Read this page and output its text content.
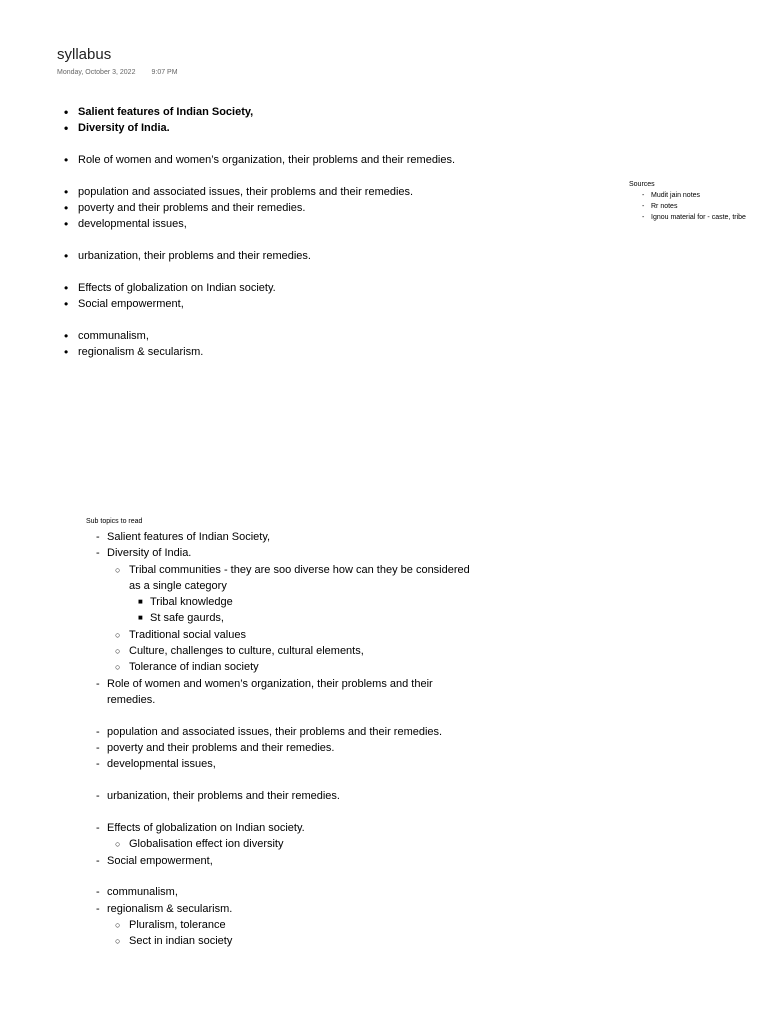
syllabus
Monday, October 3, 2022 9:07 PM
• Salient features of Indian Society,
• Diversity of India.
• Role of women and women’s organization, their problems and their remedies.
• population and associated issues, their problems and their remedies.
• poverty and their problems and their remedies.
• developmental issues,
• urbanization, their problems and their remedies.
• Effects of globalization on Indian society.
• Social empowerment,
• communalism,
• regionalism & secularism.
Sources
- Mudit jain notes
- Rr notes
- Ignou material for - caste, tribe
Sub topics to read
- Salient features of Indian Society,
- Diversity of India.
○ Tribal communities - they are soo diverse how can they be considered as a single category
■ Tribal knowledge
■ St safe gaurds,
○ Traditional social values
○ Culture, challenges to culture, cultural elements,
○ Tolerance of indian society
- Role of women and women’s organization, their problems and their remedies.
- population and associated issues, their problems and their remedies.
- poverty and their problems and their remedies.
- developmental issues,
- urbanization, their problems and their remedies.
- Effects of globalization on Indian society.
○ Globalisation effect ion diversity
- Social empowerment,
- communalism,
- regionalism & secularism.
○ Pluralism, tolerance
○ Sect in indian society
